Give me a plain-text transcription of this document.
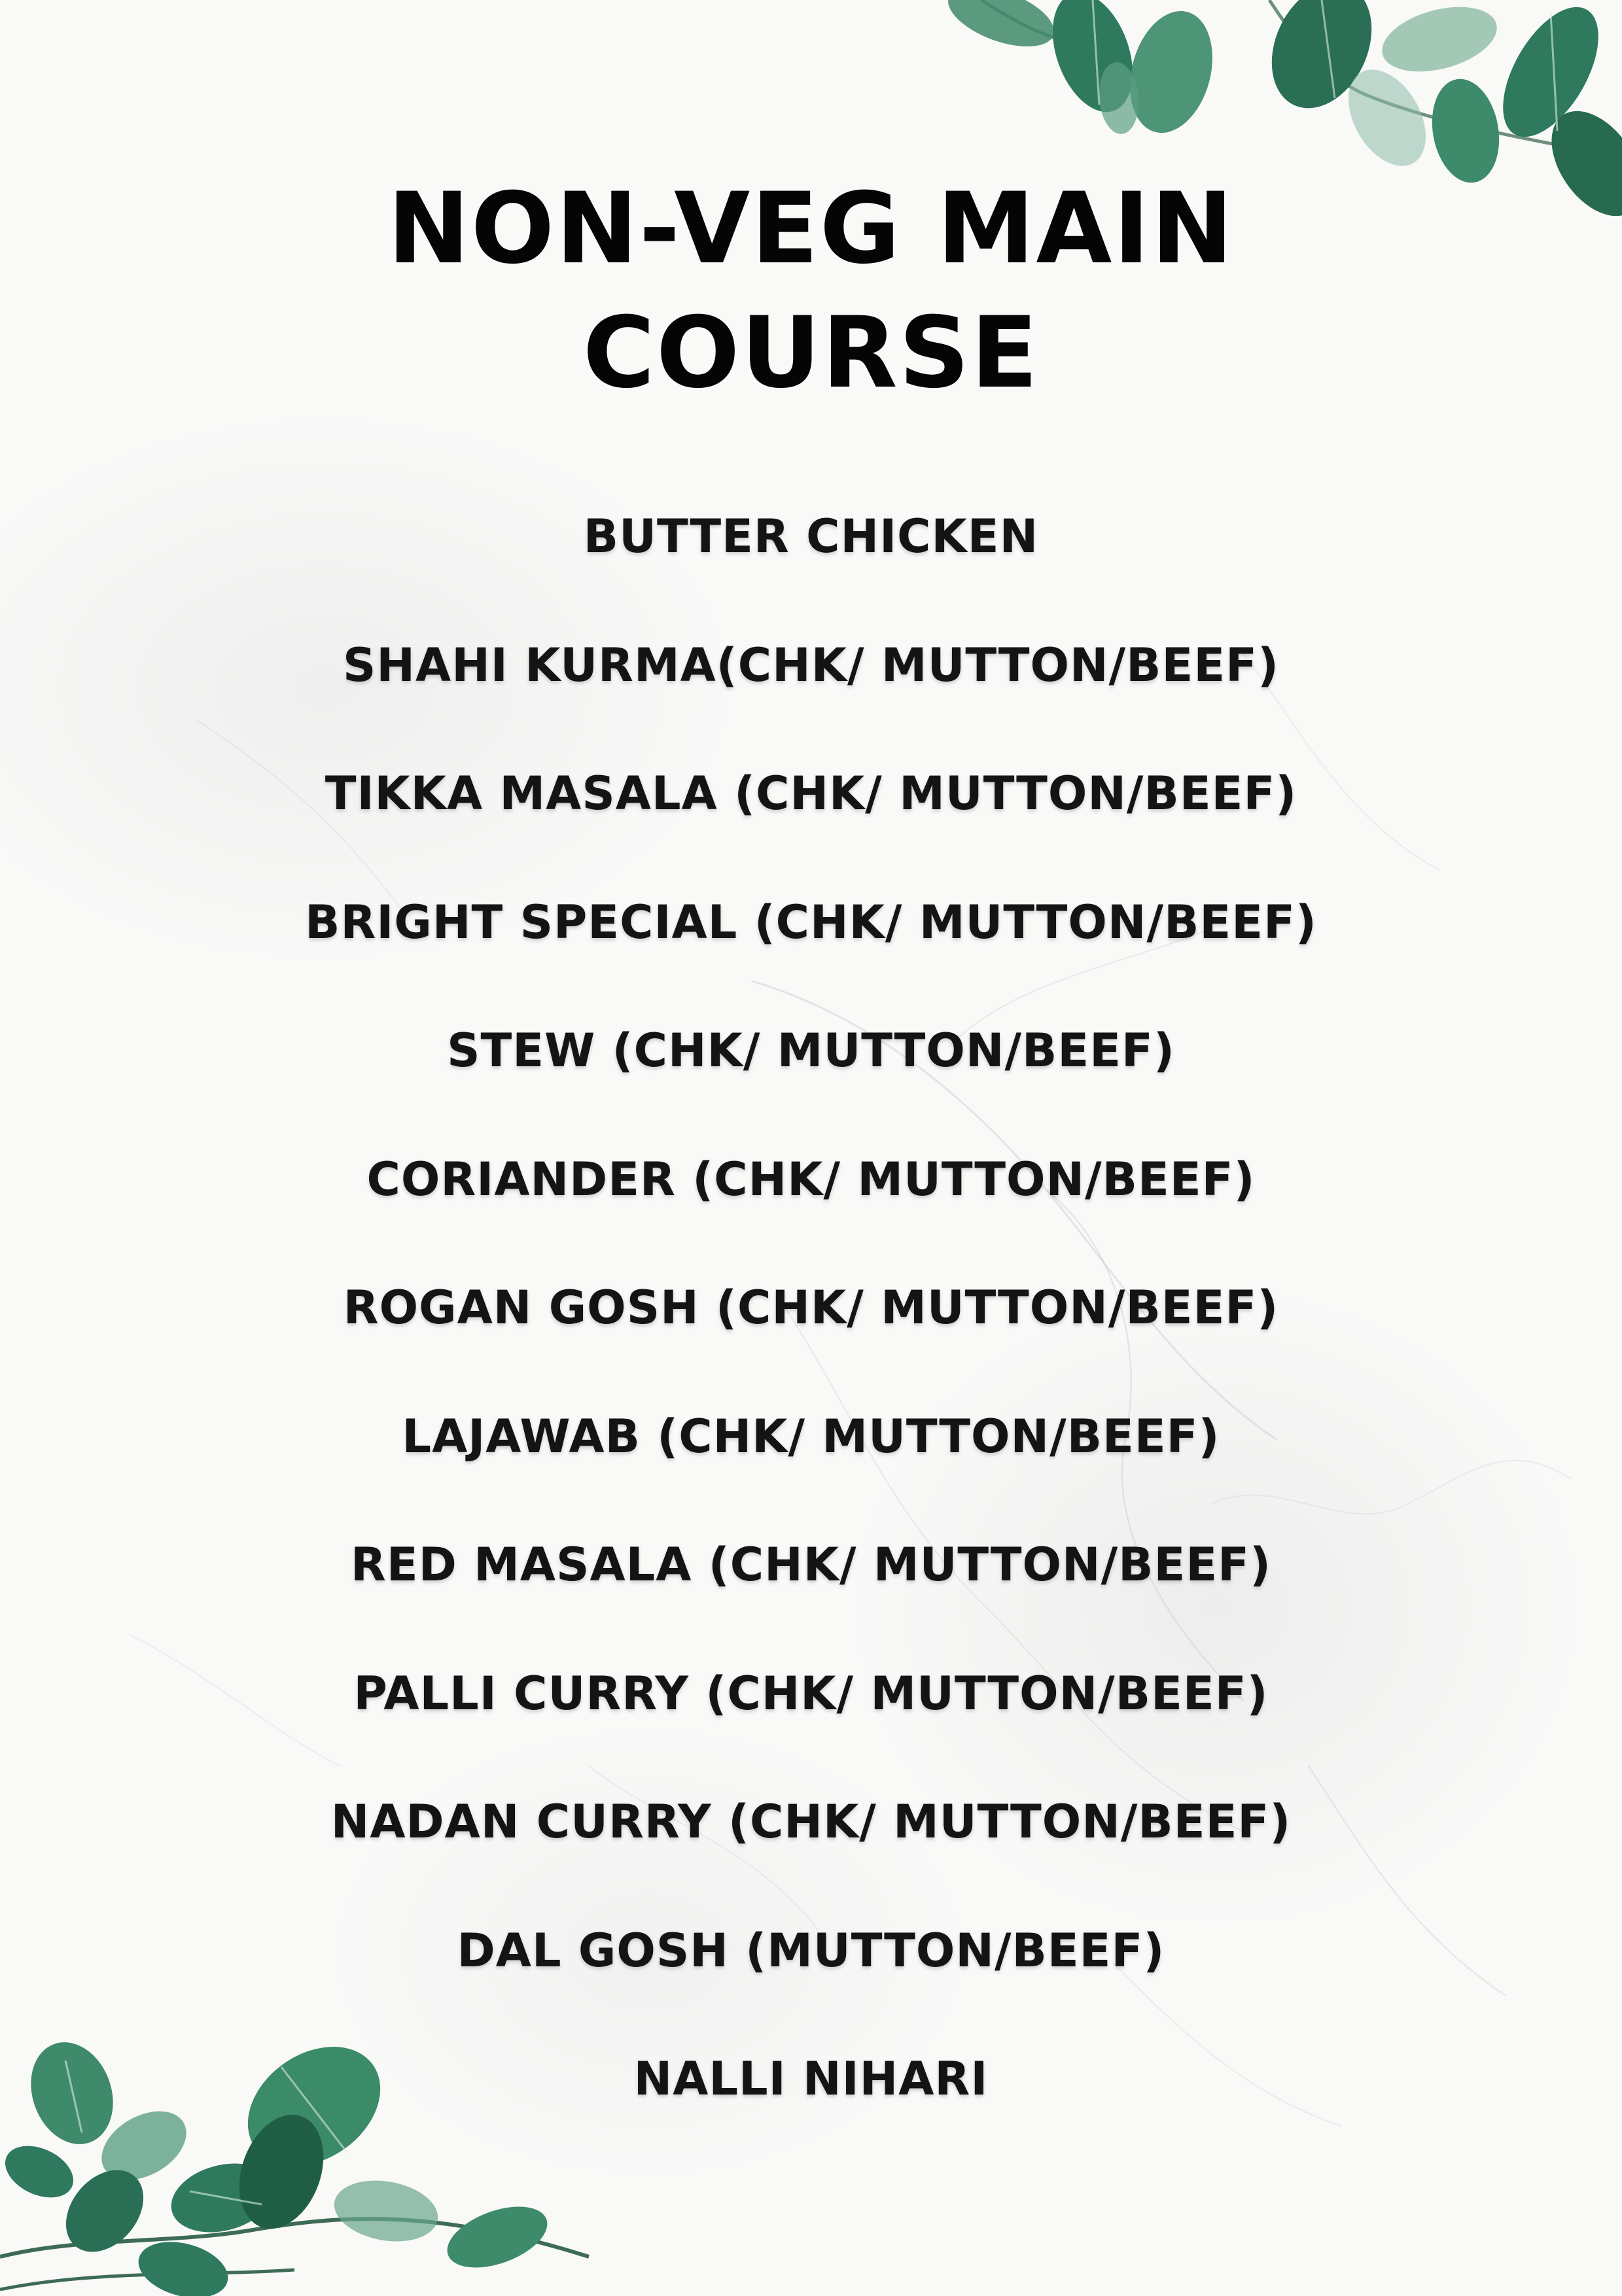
NON-VEG MAIN
COURSE
BUTTER CHICKEN
SHAHI KURMA(CHK/ MUTTON/BEEF)
TIKKA MASALA (CHK/ MUTTON/BEEF)
BRIGHT SPECIAL (CHK/ MUTTON/BEEF)
STEW (CHK/ MUTTON/BEEF)
CORIANDER (CHK/ MUTTON/BEEF)
ROGAN GOSH (CHK/ MUTTON/BEEF)
LAJAWAB (CHK/ MUTTON/BEEF)
RED MASALA (CHK/ MUTTON/BEEF)
PALLI CURRY (CHK/ MUTTON/BEEF)
NADAN CURRY (CHK/ MUTTON/BEEF)
DAL GOSH (MUTTON/BEEF)
NALLI NIHARI
